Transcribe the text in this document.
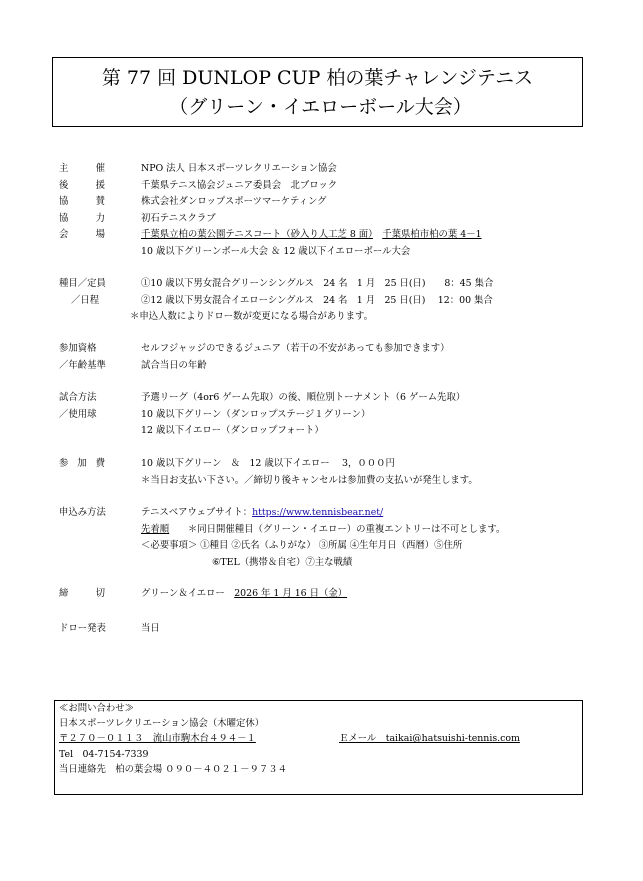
第 77 回 DUNLOP CUP 柏の葉チャレンジテニス
（グリーン・イエローボール大会）
主	催	NPO 法人 日本スポーツレクリエーション協会
後	援	千葉県テニス協会ジュニア委員会　北ブロック
協	賛	株式会社ダンロップスポーツマーケティング
協	力	初石テニスクラブ
会	場	千葉県立柏の葉公園テニスコート（砂入り人工芝 8 面）　 千葉県柏市柏の葉 4－1
10 歳以下グリーンボール大会 ＆ 12 歳以下イエローボール大会
種目／定員	①10 歳以下男女混合グリーンシングルス　24 名　1 月　25 日(日)　　8：45 集合
／日程	②12 歳以下男女混合イエローシングルス　24 名　1 月　25 日(日)　 12：00 集合
＊申込人数によりドロー数が変更になる場合があります。
参加資格	セルフジャッジのできるジュニア（若干の不安があっても参加できます）
／年齢基準	試合当日の年齢
試合方法	予選リーグ（4or6 ゲーム先取）の後、順位別トーナメント（6 ゲーム先取）
／使用球	10 歳以下グリーン（ダンロップステージ１グリーン）
12 歳以下イエロー（ダンロップフォート）
参 加 費	10 歳以下グリーン　＆　12 歳以下イエロー　 3，０００円
＊当日お支払い下さい。／締切り後キャンセルは参加費の支払いが発生します。
申込み方法	テニスベアウェブサイト：https://www.tennisbear.net/
先着順　　 ＊同日開催種目（グリーン・イエロー）の重複エントリーは不可とします。
＜必要事項＞ ①種目 ②氏名（ふりがな） ③所属 ④生年月日（西暦）⑤住所
⑥TEL（携帯＆自宅）⑦主な戦績
締	切	グリーン＆イエロー　 2026 年 1 月 16 日（金）
ドロー発表	当日
≪お問い合わせ≫
日本スポーツレクリエーション協会（木曜定休）
〒２７０－０１１３　流山市駒木台４９４－１	Ｅメール　taikai@hatsuishi-tennis.com
Tel　04-7154-7339
当日連絡先　柏の葉会場 ０９０－４０２１－９７３４
